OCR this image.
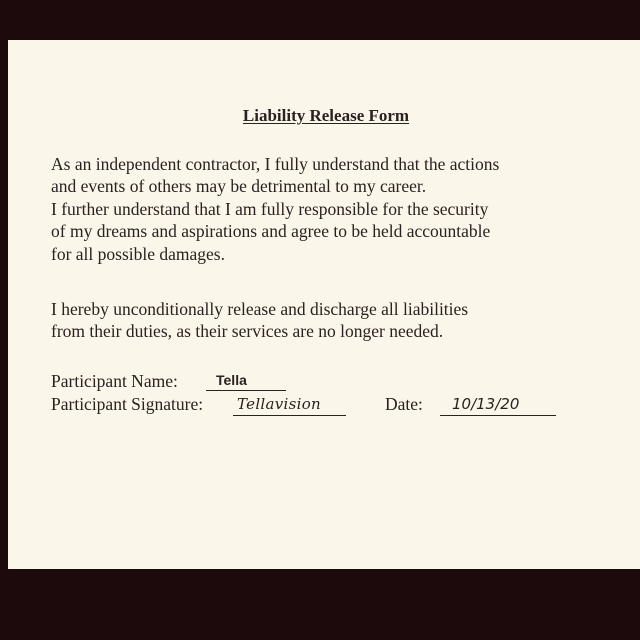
Liability Release Form
As an independent contractor, I fully understand that the actions
and events of others may be detrimental to my career.
I further understand that I am fully responsible for the security
of my dreams and aspirations and agree to be held accountable
for all possible damages.
I hereby unconditionally release and discharge all liabilities
from their duties, as their services are no longer needed.
Participant Name:	Tella
Participant Signature: Tellavision	Date:	10/13/20
